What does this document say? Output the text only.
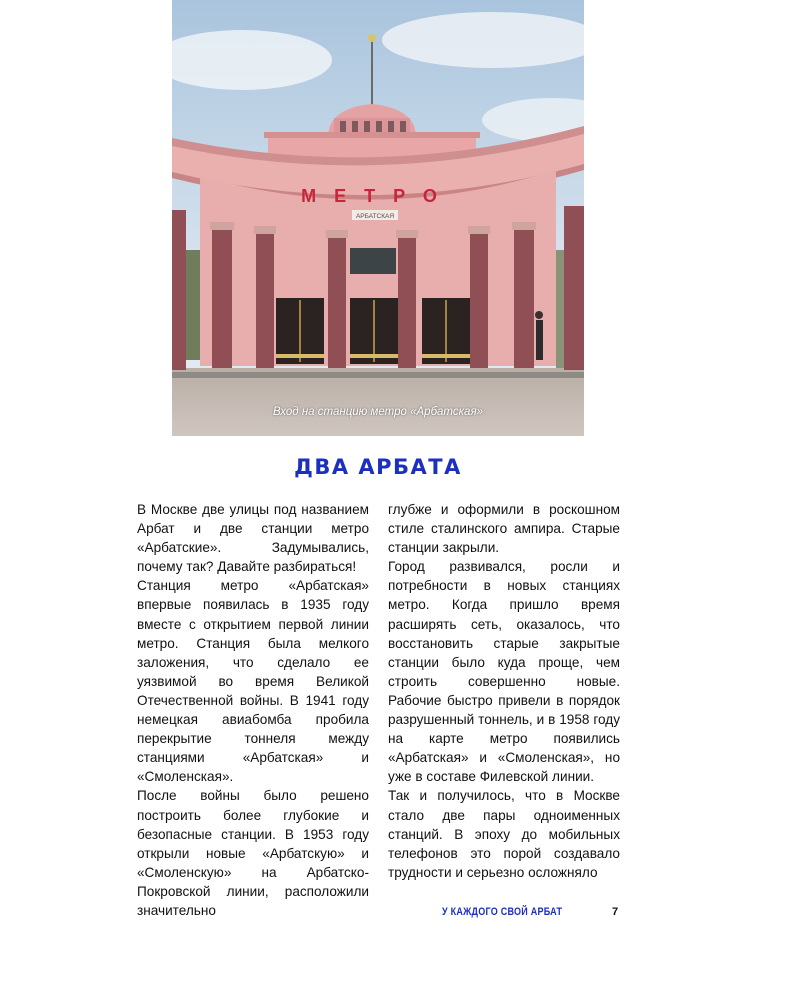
МЕТРО
АРБАТСКАЯ
Вход на станцию метро «Арбатская»
ДВА АРБАТА

В Москве две улицы под названием Арбат и две станции метро «Арбатские». Задумывались, почему так? Давайте разбираться!

Станция метро «Арбатская» впервые появилась в 1935 году вместе с открытием первой линии метро. Станция была мелкого заложения, что сделало ее уязвимой во время Великой Отечественной войны. В 1941 году немецкая авиабомба пробила перекрытие тоннеля между станциями «Арбатская» и «Смоленская».

После войны было решено построить более глубокие и безопасные станции. В 1953 году открыли новые «Арбатскую» и «Смоленскую» на Арбатско-Покровской линии, расположили значительно

глубже и оформили в роскошном стиле сталинского ампира. Старые станции закрыли.

Город развивался, росли и потребности в новых станциях метро. Когда пришло время расширять сеть, оказалось, что восстановить старые закрытые станции было куда проще, чем строить совершенно новые. Рабочие быстро привели в порядок разрушенный тоннель, и в 1958 году на карте метро появились «Арбатская» и «Смоленская», но уже в составе Филевской линии.

Так и получилось, что в Москве стало две пары одноименных станций. В эпоху до мобильных телефонов это порой создавало трудности и серьезно осложняло

У КАЖДОГО СВОЙ АРБАТ	7
